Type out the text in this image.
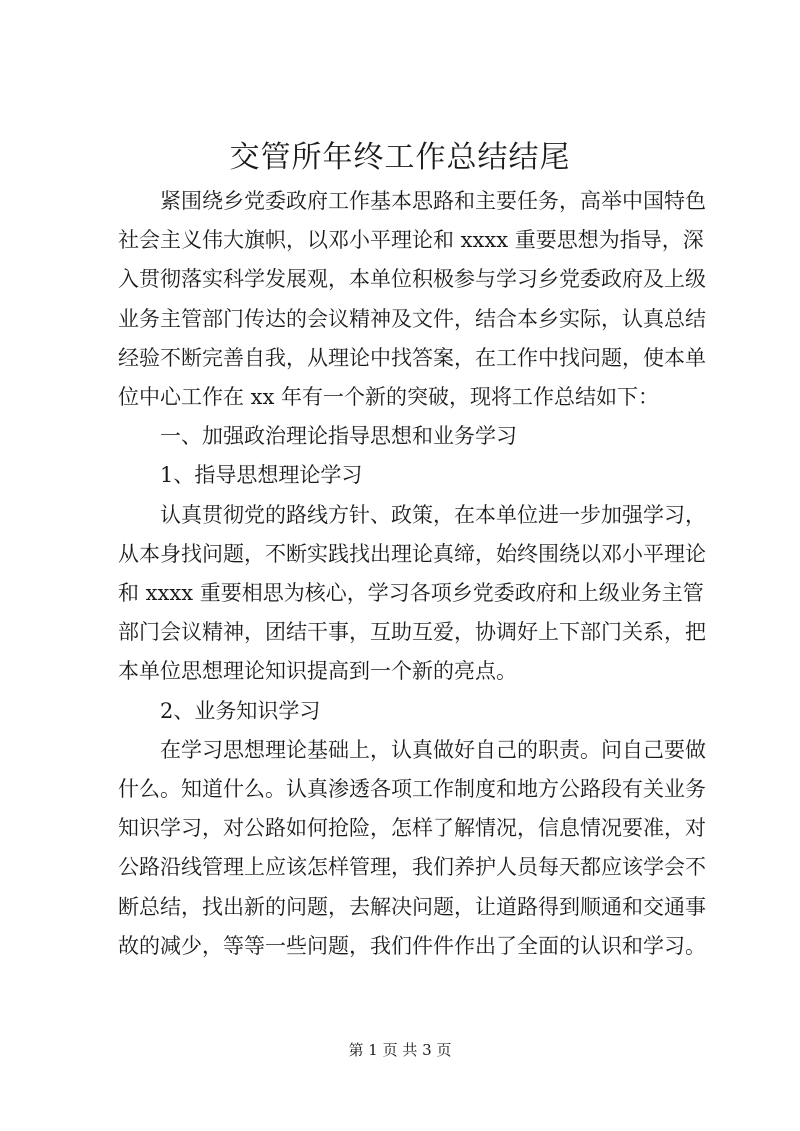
交管所年终工作总结结尾

　　紧围绕乡党委政府工作基本思路和主要任务，高举中国特色

社会主义伟大旗帜，以邓小平理论和 xxxx 重要思想为指导，深

入贯彻落实科学发展观，本单位积极参与学习乡党委政府及上级

业务主管部门传达的会议精神及文件，结合本乡实际，认真总结

经验不断完善自我，从理论中找答案，在工作中找问题，使本单

位中心工作在 xx 年有一个新的突破，现将工作总结如下：

　　一、加强政治理论指导思想和业务学习

　　1、指导思想理论学习

　　认真贯彻党的路线方针、政策，在本单位进一步加强学习，

从本身找问题，不断实践找出理论真缔，始终围绕以邓小平理论

和 xxxx 重要相思为核心，学习各项乡党委政府和上级业务主管

部门会议精神，团结干事，互助互爱，协调好上下部门关系，把

本单位思想理论知识提高到一个新的亮点。

　　2、业务知识学习

　　在学习思想理论基础上，认真做好自己的职责。问自己要做

什么。知道什么。认真渗透各项工作制度和地方公路段有关业务

知识学习，对公路如何抢险，怎样了解情况，信息情况要准，对

公路沿线管理上应该怎样管理，我们养护人员每天都应该学会不

断总结，找出新的问题，去解决问题，让道路得到顺通和交通事

故的减少，等等一些问题，我们件件作出了全面的认识和学习。

第 1 页 共 3 页
